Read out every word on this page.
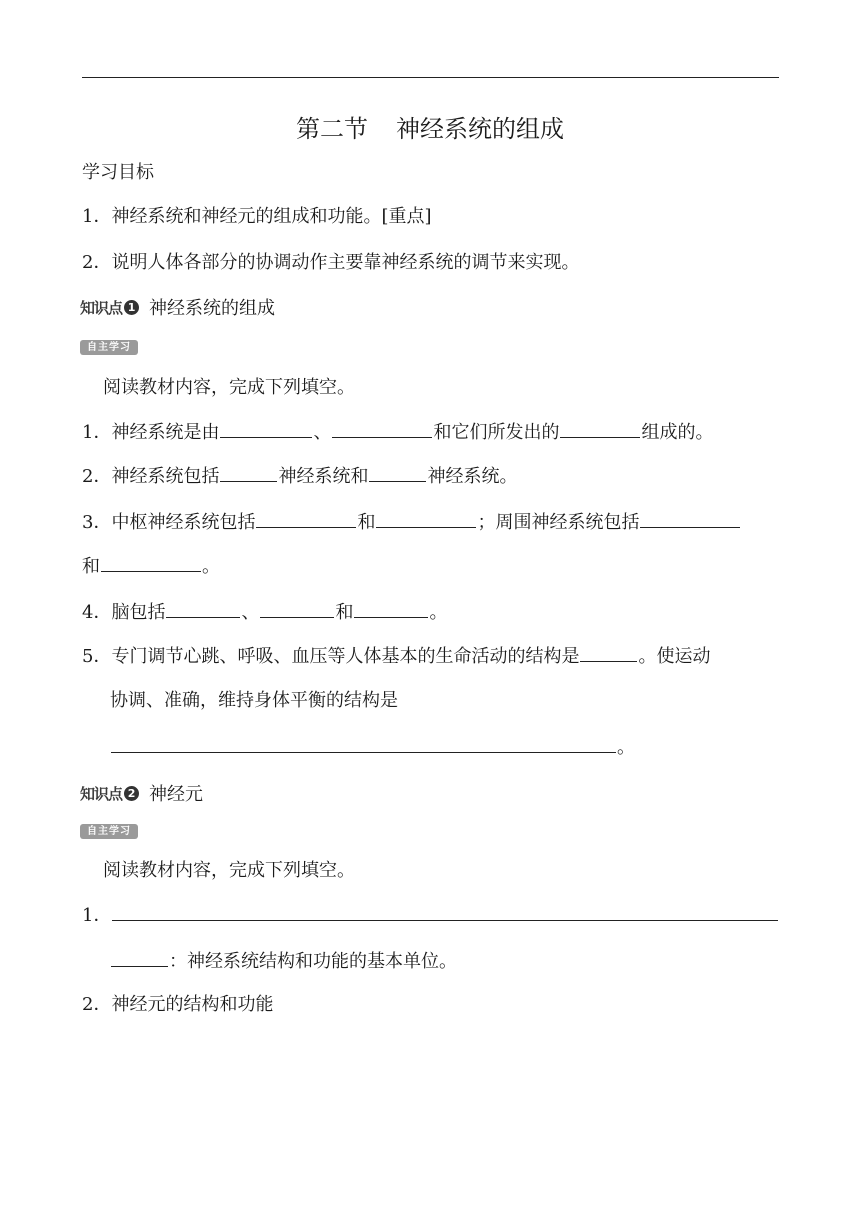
第二节 神经系统的组成
学习目标
1．神经系统和神经元的组成和功能。[重点]
2．说明人体各部分的协调动作主要靠神经系统的调节来实现。
知识点 1 神经系统的组成
自主学习
阅读教材内容，完成下列填空。
1．神经系统是由	、	和它们所发出的	组成的。
2．神经系统包括	神经系统和	神经系统。
3．中枢神经系统包括	和	；周围神经系统包括
和	。
4．脑包括	、	和	。
5．专门调节心跳、呼吸、血压等人体基本的生命活动的结构是	。使运动
协调、准确，维持身体平衡的结构是
。
知识点 2 神经元
自主学习
阅读教材内容，完成下列填空。
1．
：神经系统结构和功能的基本单位。
2．神经元的结构和功能
